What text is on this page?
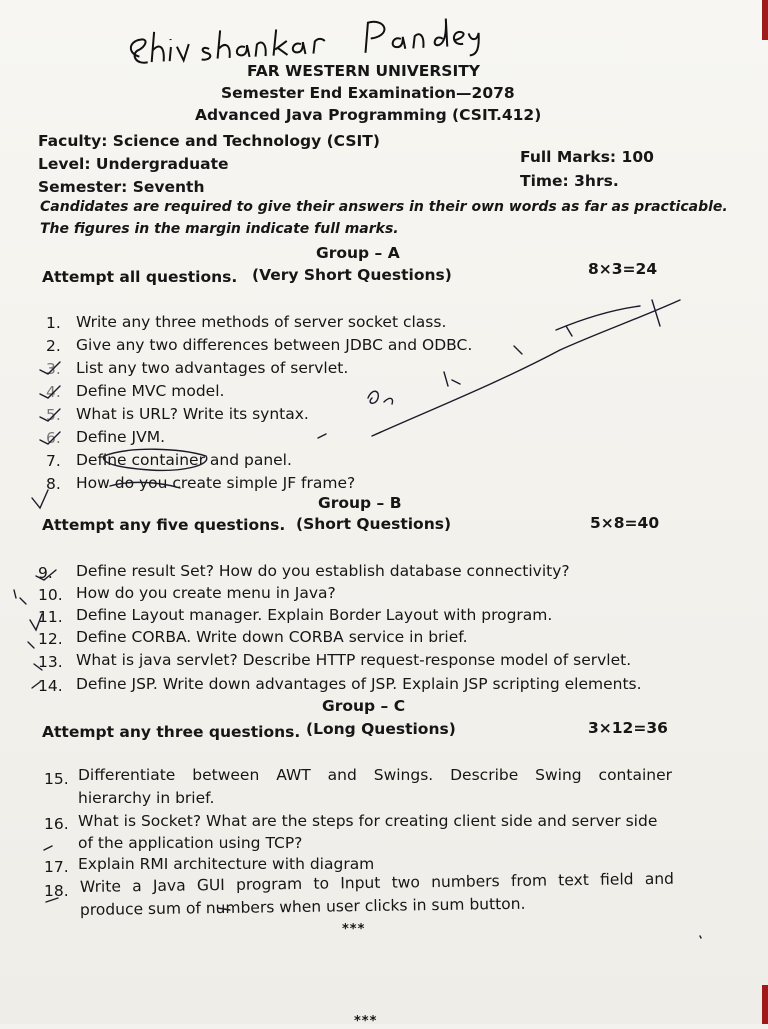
FAR WESTERN UNIVERSITY
Semester End Examination—2078
Advanced Java Programming (CSIT.412)
Faculty: Science and Technology (CSIT)
Level: Undergraduate
Semester: Seventh
Full Marks: 100
Time: 3hrs.
Candidates are required to give their answers in their own words as far as practicable.
The figures in the margin indicate full marks.
Group – A
Attempt all questions. (Very Short Questions)	8×3=24
1. Write any three methods of server socket class.
2. Give any two differences between JDBC and ODBC.
3. List any two advantages of servlet.
4. Define MVC model.
5. What is URL? Write its syntax.
6. Define JVM.
7. Define container and panel.
8. How do you create simple JF frame?
Group – B
Attempt any five questions. (Short Questions)	5×8=40
9. Define result Set? How do you establish database connectivity?
10. How do you create menu in Java?
11. Define Layout manager. Explain Border Layout with program.
12. Define CORBA. Write down CORBA service in brief.
13. What is java servlet? Describe HTTP request-response model of servlet.
14. Define JSP. Write down advantages of JSP. Explain JSP scripting elements.
Group – C
Attempt any three questions. (Long Questions)	3×12=36
15. Differentiate between AWT and Swings. Describe Swing container
hierarchy in brief.
16. What is Socket? What are the steps for creating client side and server side
of the application using TCP?
17. Explain RMI architecture with diagram
18. Write a Java GUI program to Input two numbers from text field and
produce sum of numbers when user clicks in sum button.
***
***
